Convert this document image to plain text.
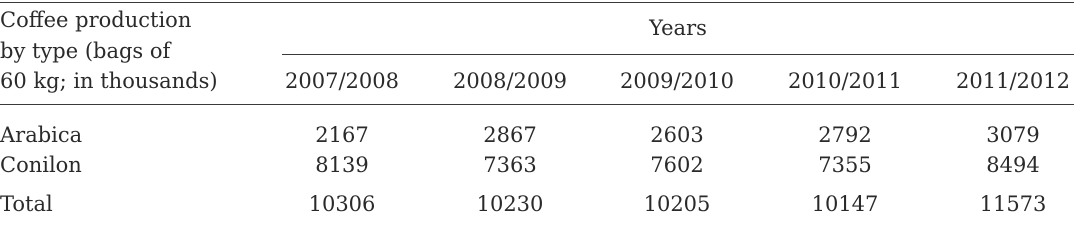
Coffee production
by type (bags of
60 kg; in thousands)
Years
2007/2008	2008/2009	2009/2010	2010/2011	2011/2012
Arabica	2167	2867	2603	2792	3079
Conilon	8139	7363	7602	7355	8494
Total	10306	10230	10205	10147	11573
